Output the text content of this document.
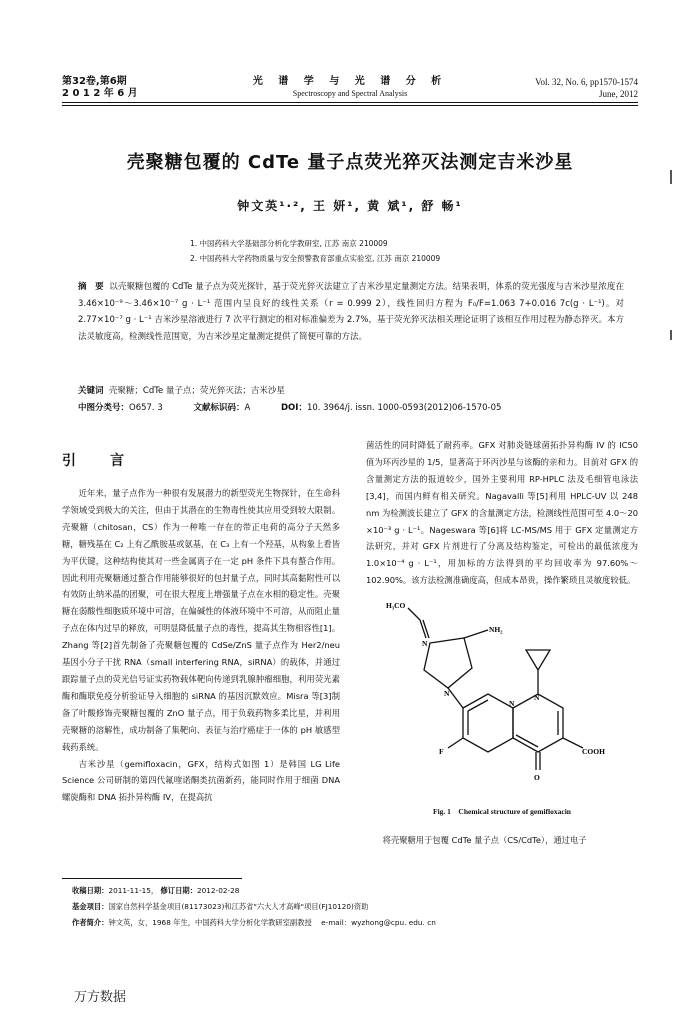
第32卷,第6期
2 0 1 2 年 6 月
光 谱 学 与 光 谱 分 析
Spectroscopy and Spectral Analysis
Vol. 32, No. 6, pp1570-1574
June, 2012
壳聚糖包覆的 CdTe 量子点荧光猝灭法测定吉米沙星
钟文英¹·², 王 妍¹, 黄 斌¹, 舒 畅¹
1. 中国药科大学基础部分析化学教研室, 江苏 南京 210009
2. 中国药科大学药物质量与安全预警教育部重点实验室, 江苏 南京 210009
摘　要 以壳聚糖包覆的 CdTe 量子点为荧光探针，基于荧光猝灭法建立了吉米沙星定量测定方法。结果表明，体系的荧光强度与吉米沙星浓度在 3.46×10⁻⁹～3.46×10⁻⁷ g · L⁻¹ 范围内呈良好的线性关系（r = 0.999 2），线性回归方程为 F₀/F=1.063 7+0.016 7c(g · L⁻¹)。对 2.77×10⁻⁷ g · L⁻¹ 吉米沙星溶液进行 7 次平行测定的相对标准偏差为 2.7%，基于荧光猝灭法相关理论证明了该相互作用过程为静态猝灭。本方法灵敏度高，检测线性范围宽，为吉米沙星定量测定提供了简便可靠的方法。
关键词 壳聚糖；CdTe 量子点；荧光猝灭法；吉米沙星
中图分类号：O657. 3	文献标识码：A	DOI：10. 3964/j. issn. 1000-0593(2012)06-1570-05
引　言

近年来，量子点作为一种很有发展潜力的新型荧光生物探针，在生命科学领域受到极大的关注，但由于其潜在的生物毒性使其应用受到较大限制。壳聚糖（chitosan，CS）作为一种唯一存在的带正电荷的高分子天然多糖，糖残基在 C₂ 上有乙酰胺基或氨基，在 C₃ 上有一个羟基，从构象上看皆为平伏键，这种结构使其对一些金属离子在一定 pH 条件下具有螯合作用。因此利用壳聚糖通过螯合作用能够很好的包封量子点，同时其高黏附性可以有效防止纳米晶的团聚，可在很大程度上增强量子点在水相的稳定性。壳聚糖在弱酸性细胞质环境中可溶，在偏碱性的体液环境中不可溶，从而阻止量子点在体内过早的释放，可明显降低量子点的毒性，提高其生物相容性[1]。Zhang 等[2]首先制备了壳聚糖包覆的 CdSe/ZnS 量子点作为 Her2/neu 基因小分子干扰 RNA（small interfering RNA，siRNA）的载体，并通过跟踪量子点的荧光信号证实药物载体靶向传递到乳腺肿瘤细胞，利用荧光素酶和酶联免疫分析验证导入细胞的 siRNA 的基因沉默效应。Misra 等[3]制备了叶酸修饰壳聚糖包覆的 ZnO 量子点，用于负载药物多柔比星，并利用壳聚糖的溶解性，成功制备了集靶向、表征与治疗癌症于一体的 pH 敏感型载药系统。

吉米沙星（gemifloxacin，GFX，结构式如图 1）是韩国 LG Life Science 公司研制的第四代氟喹诺酮类抗菌新药，能同时作用于细菌 DNA 螺旋酶和 DNA 拓扑异构酶 IV，在提高抗

菌活性的同时降低了耐药率。GFX 对肺炎链球菌拓扑异构酶 IV 的 IC50 值为环丙沙星的 1/5，显著高于环丙沙星与该酶的亲和力。目前对 GFX 的含量测定方法的报道较少，国外主要利用 RP-HPLC 法及毛细管电泳法[3,4]，而国内鲜有相关研究。Nagavalli 等[5]利用 HPLC-UV 以 248 nm 为检测波长建立了 GFX 的含量测定方法，检测线性范围可至 4.0～20 ×10⁻³ g · L⁻¹。Nageswara 等[6]将 LC-MS/MS 用于 GFX 定量测定方法研究，并对 GFX 片剂进行了分离及结构鉴定，可检出的最低浓度为 1.0×10⁻⁴ g · L⁻¹，用加标的方法得到的平均回收率为 97.60%～102.90%。该方法检测准确度高，但成本昂贵，操作繁琐且灵敏度较低。

H₃CO
N
NH₂
N
N
N
F	COOH
O
Fig. 1　Chemical structure of gemifloxacin

将壳聚糖用于包覆 CdTe 量子点（CS/CdTe），通过电子

收稿日期：2011-11-15， 修订日期：2012-02-28
基金项目：国家自然科学基金项目(81173023)和江苏省"六大人才高峰"项目(FJ10120)资助
作者简介：钟文英，女，1968 年生，中国药科大学分析化学教研室副教授 e-mail：wyzhong@cpu. edu. cn
万方数据
